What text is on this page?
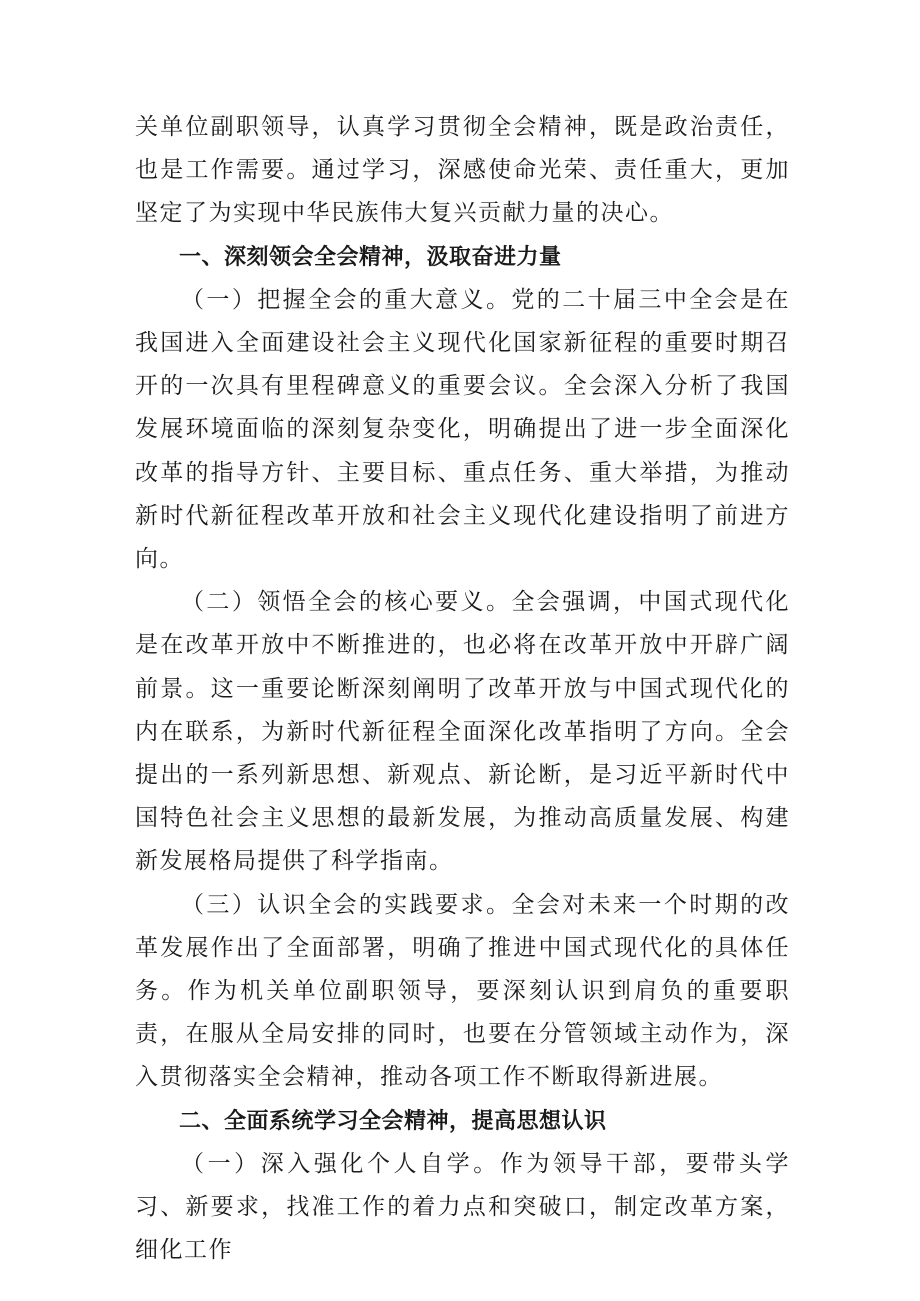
关单位副职领导，认真学习贯彻全会精神，既是政治责任，也是工作需要。通过学习，深感使命光荣、责任重大，更加坚定了为实现中华民族伟大复兴贡献力量的决心。

一、深刻领会全会精神，汲取奋进力量

（一）把握全会的重大意义。党的二十届三中全会是在我国进入全面建设社会主义现代化国家新征程的重要时期召开的一次具有里程碑意义的重要会议。全会深入分析了我国发展环境面临的深刻复杂变化，明确提出了进一步全面深化改革的指导方针、主要目标、重点任务、重大举措，为推动新时代新征程改革开放和社会主义现代化建设指明了前进方向。

（二）领悟全会的核心要义。全会强调，中国式现代化是在改革开放中不断推进的，也必将在改革开放中开辟广阔前景。这一重要论断深刻阐明了改革开放与中国式现代化的内在联系，为新时代新征程全面深化改革指明了方向。全会提出的一系列新思想、新观点、新论断，是习近平新时代中国特色社会主义思想的最新发展，为推动高质量发展、构建新发展格局提供了科学指南。

（三）认识全会的实践要求。全会对未来一个时期的改革发展作出了全面部署，明确了推进中国式现代化的具体任务。作为机关单位副职领导，要深刻认识到肩负的重要职责，在服从全局安排的同时，也要在分管领域主动作为，深入贯彻落实全会精神，推动各项工作不断取得新进展。

二、全面系统学习全会精神，提高思想认识

（一）深入强化个人自学。作为领导干部，要带头学习、新要求，找准工作的着力点和突破口，制定改革方案，细化工作
